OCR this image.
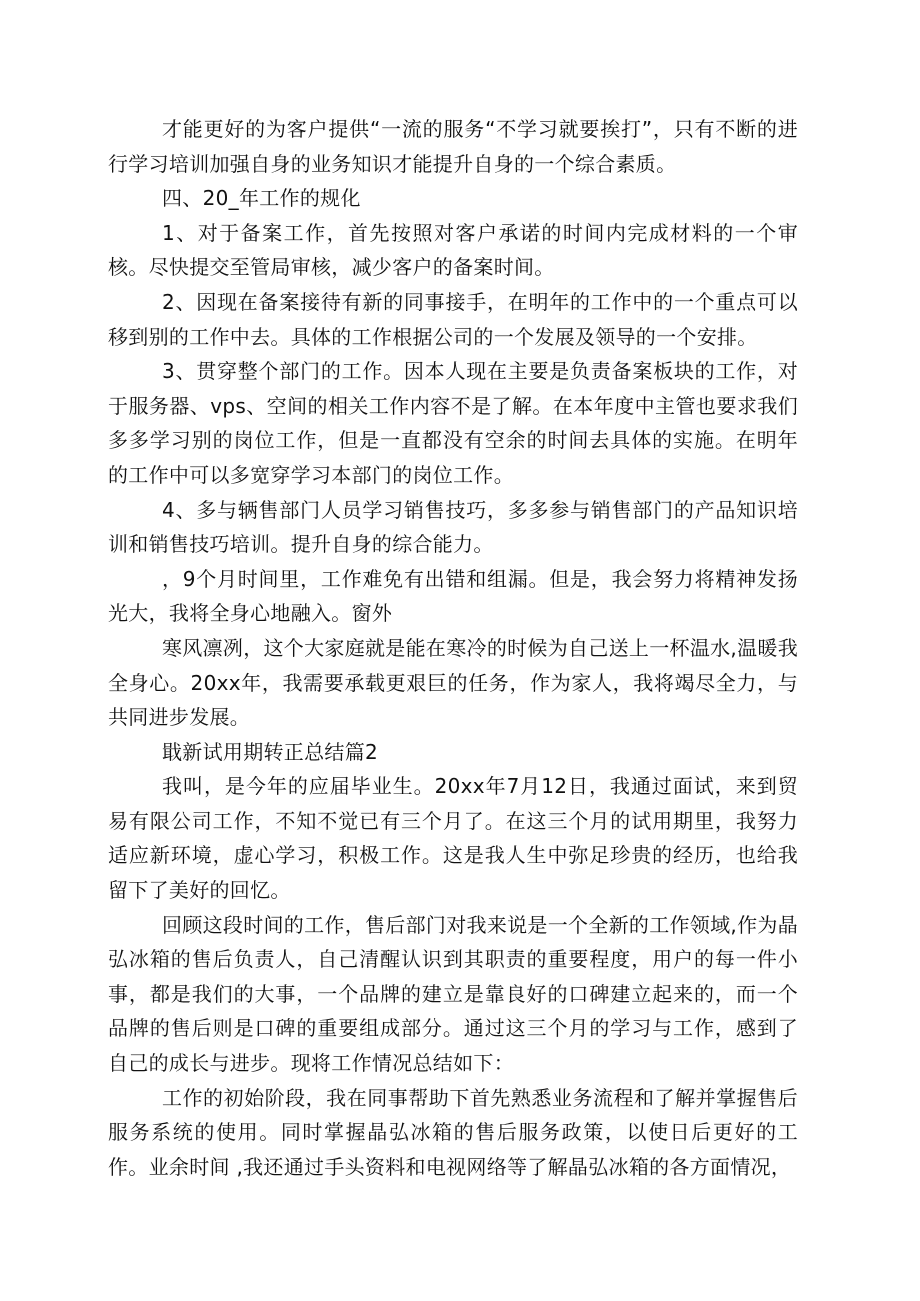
才能更好的为客户提供“一流的服务“不学习就要挨打”，只有不断的进行学习培训加强自身的业务知识才能提升自身的一个综合素质。

四、20_年工作的规化

1、对于备案工作，首先按照对客户承诺的时间内完成材料的一个审核。尽快提交至管局审核，减少客户的备案时间。

2、因现在备案接待有新的同事接手，在明年的工作中的一个重点可以移到别的工作中去。具体的工作根据公司的一个发展及领导的一个安排。

3、贯穿整个部门的工作。因本人现在主要是负责备案板块的工作，对于服务器、vps、空间的相关工作内容不是了解。在本年度中主管也要求我们多多学习别的岗位工作，但是一直都没有空余的时间去具体的实施。在明年的工作中可以多宽穿学习本部门的岗位工作。

4、多与辆售部门人员学习销售技巧，多多参与销售部门的产品知识培训和销售技巧培训。提升自身的综合能力。

，9个月时间里，工作难免有出错和组漏。但是，我会努力将精神发扬光大，我将全身心地融入。窗外

寒风凛冽，这个大家庭就是能在寒冷的时候为自己送上一杯温水,温暖我全身心。20xx年，我需要承载更艰巨的任务，作为家人，我将竭尽全力，与共同进步发展。

戢新试用期转正总结篇2

我叫，是今年的应届毕业生。20xx年7月12日，我通过面试，来到贸易有限公司工作，不知不觉已有三个月了。在这三个月的试用期里，我努力适应新环境，虚心学习，积极工作。这是我人生中弥足珍贵的经历，也给我留下了美好的回忆。

回顾这段时间的工作，售后部门对我来说是一个全新的工作领域,作为晶弘冰箱的售后负责人，自己清醒认识到其职责的重要程度，用户的每一件小事，都是我们的大事，一个品牌的建立是靠良好的口碑建立起来的，而一个品牌的售后则是口碑的重要组成部分。通过这三个月的学习与工作，感到了自己的成长与进步。现将工作情况总结如下：

工作的初始阶段，我在同事帮助下首先熟悉业务流程和了解并掌握售后服务系统的使用。同时掌握晶弘冰箱的售后服务政策，以使日后更好的工作。业余时间 ,我还通过手头资料和电视网络等了解晶弘冰箱的各方面情况，
